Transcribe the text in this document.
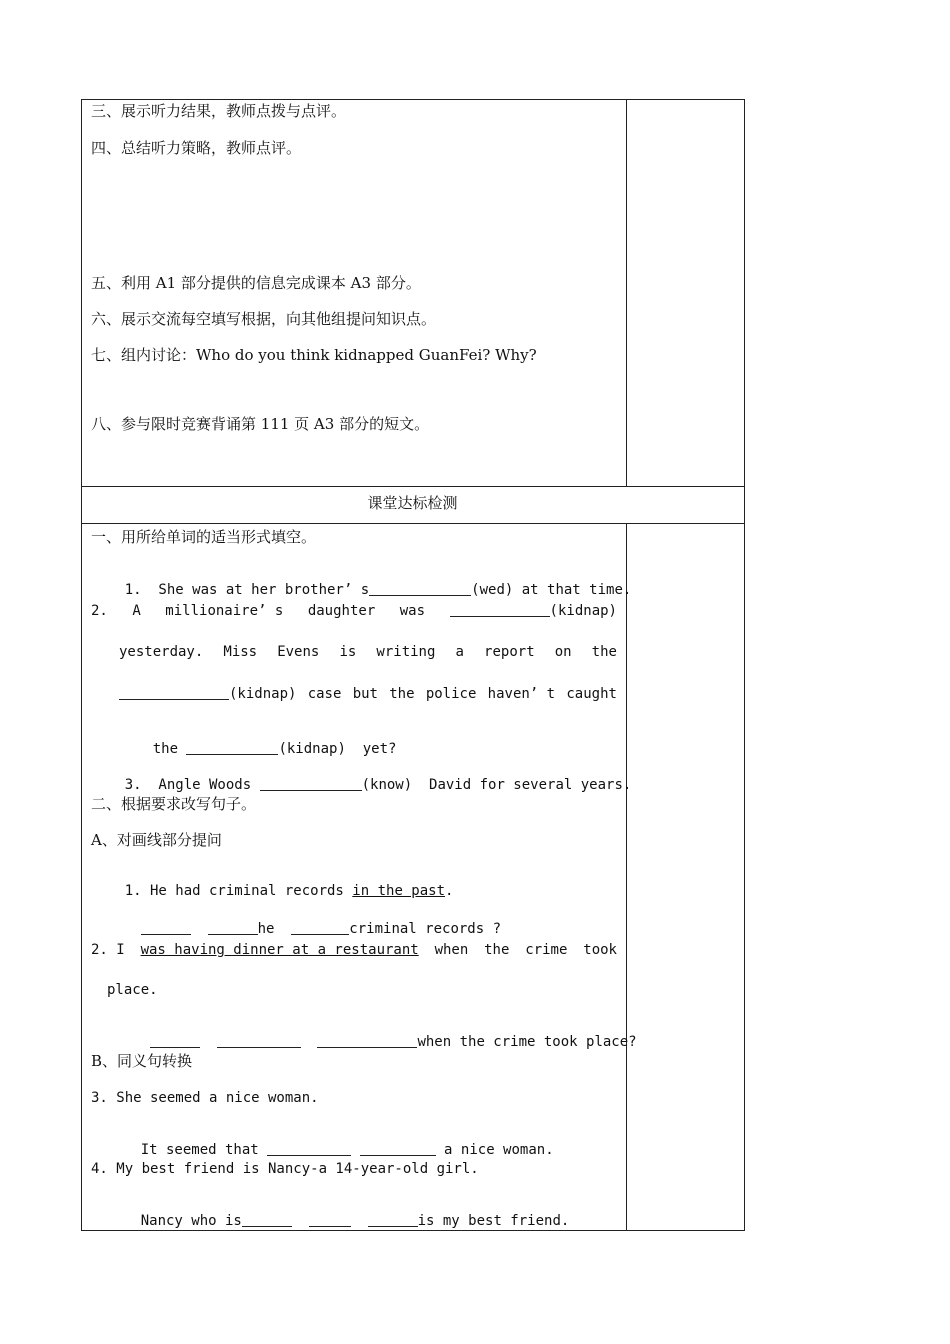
三、展示听力结果，教师点拨与点评。
四、总结听力策略，教师点评。
五、利用 A1 部分提供的信息完成课本 A3 部分。
六、展示交流每空填写根据，向其他组提问知识点。
七、组内讨论：Who do you think kidnapped GuanFei? Why?
八、参与限时竞赛背诵第 111 页 A3 部分的短文。
课堂达标检测
一、用所给单词的适当形式填空。

1.  She was at her brother’ s	(wed) at that time.

2. A millionaire’ s daughter was	(kidnap)
yesterday. Miss Evens is writing a report on the
(kidnap) case but the police haven’ t caught

the	(kidnap)  yet?

3.  Angle Woods	(know)  David for several years.

二、根据要求改写句子。
A、对画线部分提问

1. He had criminal records in the past.

he	criminal records ?

2. I was having dinner at a restaurant when the crime took
place.

when the crime took place?

B、同义句转换
3. She seemed a nice woman.

It seemed that	a nice woman.

4. My best friend is Nancy-a 14-year-old girl.

Nancy who is	is my best friend.
